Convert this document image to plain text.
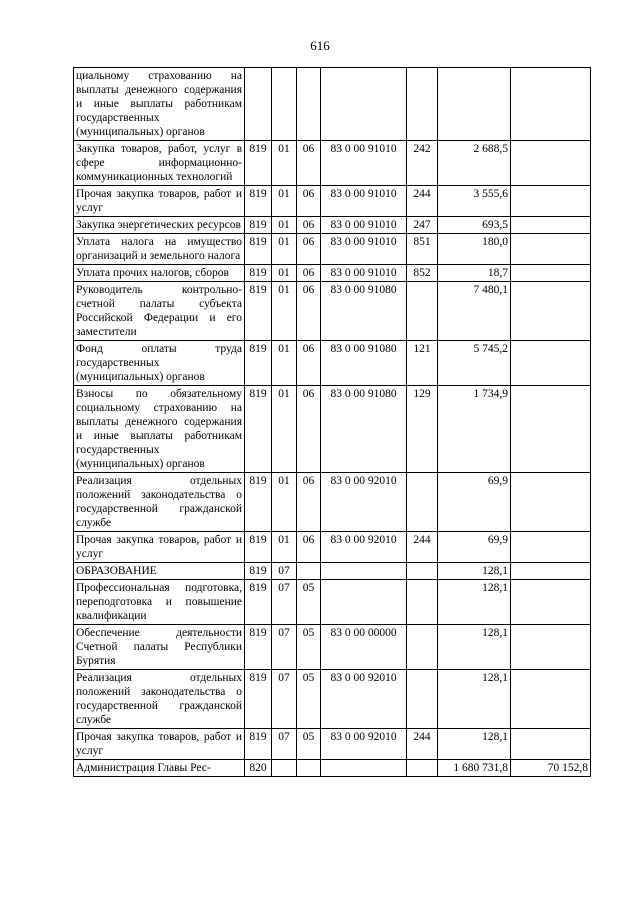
616
циальному страхованию на выплаты денежного содержания и иные выплаты работникам государственных (муниципальных) органов							
Закупка товаров, работ, услуг в сфере информационно-коммуникационных технологий	819	01	06	83 0 00 91010	242	2 688,5	
Прочая закупка товаров, работ и услуг	819	01	06	83 0 00 91010	244	3 555,6	
Закупка энергетических ресурсов	819	01	06	83 0 00 91010	247	693,5	
Уплата налога на имущество организаций и земельного налога	819	01	06	83 0 00 91010	851	180,0	
Уплата прочих налогов, сборов	819	01	06	83 0 00 91010	852	18,7	
Руководитель контрольно-счетной палаты субъекта Российской Федерации и его заместители	819	01	06	83 0 00 91080		7 480,1	
Фонд оплаты труда государственных (муниципальных) органов	819	01	06	83 0 00 91080	121	5 745,2	
Взносы по обязательному социальному страхованию на выплаты денежного содержания и иные выплаты работникам государственных (муниципальных) органов	819	01	06	83 0 00 91080	129	1 734,9	
Реализация отдельных положений законодательства о государственной гражданской службе	819	01	06	83 0 00 92010		69,9	
Прочая закупка товаров, работ и услуг	819	01	06	83 0 00 92010	244	69,9	
ОБРАЗОВАНИЕ	819	07				128,1	
Профессиональная подготовка, переподготовка и повышение квалификации	819	07	05			128,1	
Обеспечение деятельности Счетной палаты Республики Бурятия	819	07	05	83 0 00 00000		128,1	
Реализация отдельных положений законодательства о государственной гражданской службе	819	07	05	83 0 00 92010		128,1	
Прочая закупка товаров, работ и услуг	819	07	05	83 0 00 92010	244	128,1	
Администрация Главы Рес-	820					1 680 731,8	70 152,8
